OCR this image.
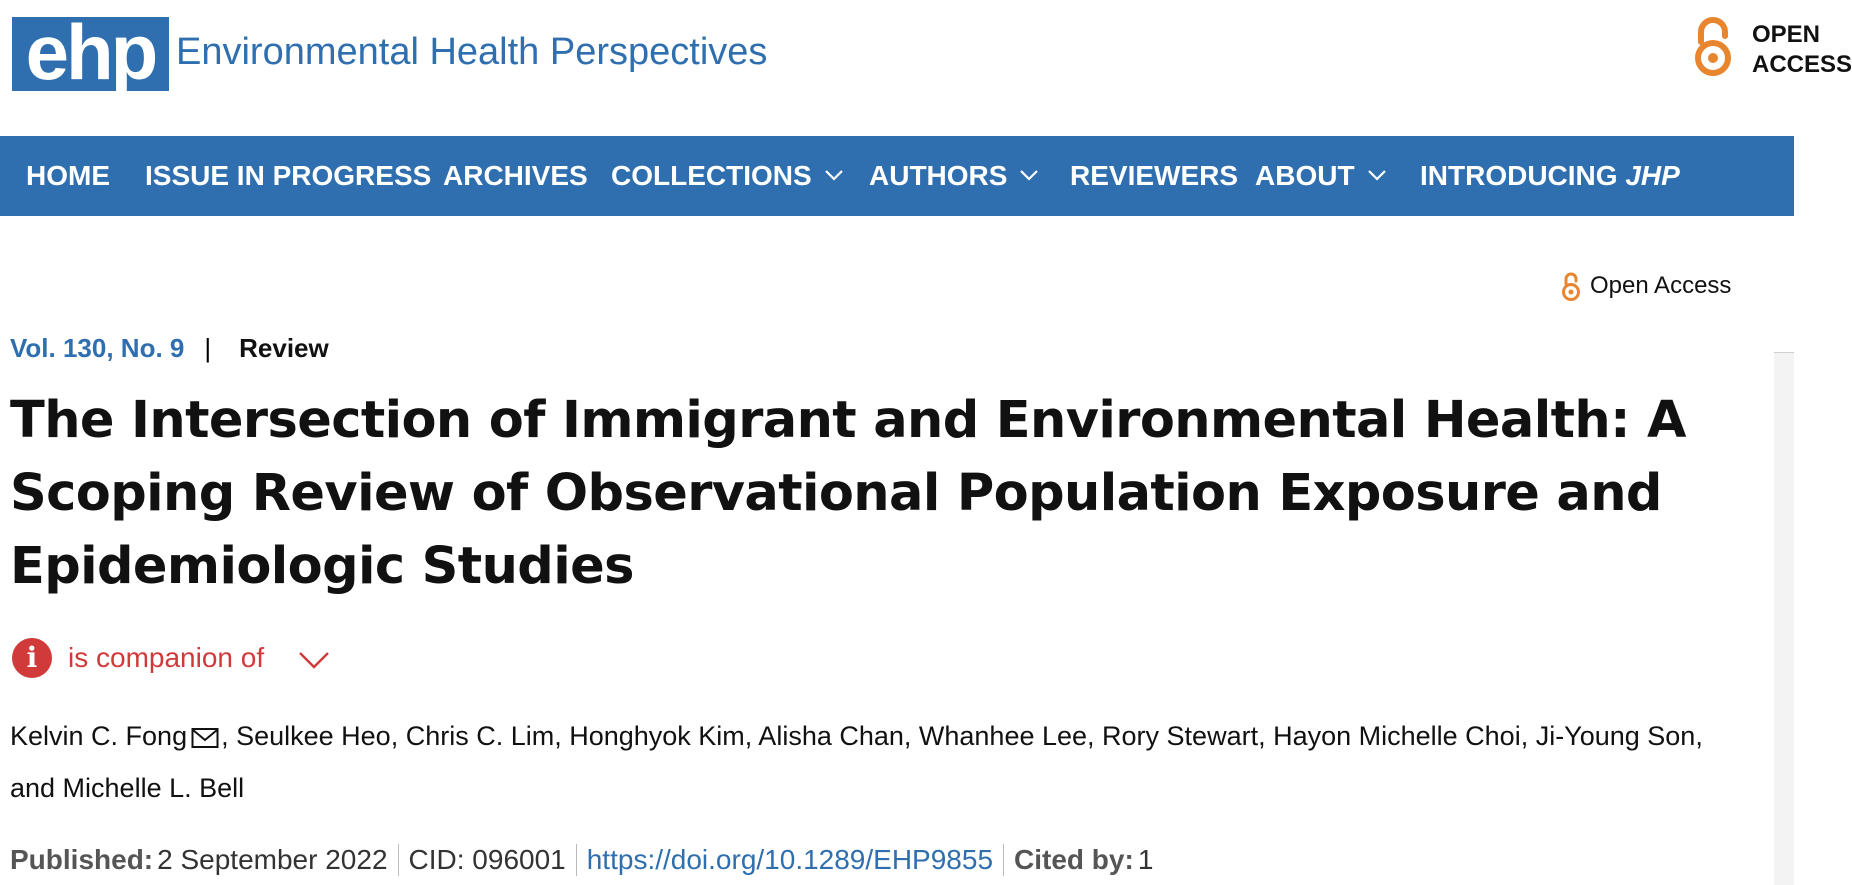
ehp Environmental Health Perspectives	OPEN
ACCESS
HOME ISSUE IN PROGRESS ARCHIVES COLLECTIONS	AUTHORS	REVIEWERS ABOUT	INTRODUCING JHP
Open Access
Vol. 130, No. 9 | Review
The Intersection of Immigrant and Environmental Health: A Scoping Review of Observational Population Exposure and Epidemiologic Studies
i	is companion of
Kelvin C. Fong , Seulkee Heo, Chris C. Lim, Honghyok Kim, Alisha Chan, Whanhee Lee, Rory Stewart, Hayon Michelle Choi, Ji-Young Son, and Michelle L. Bell
Published: 2 September 2022 CID: 096001 https://doi.org/10.1289/EHP9855 Cited by: 1
